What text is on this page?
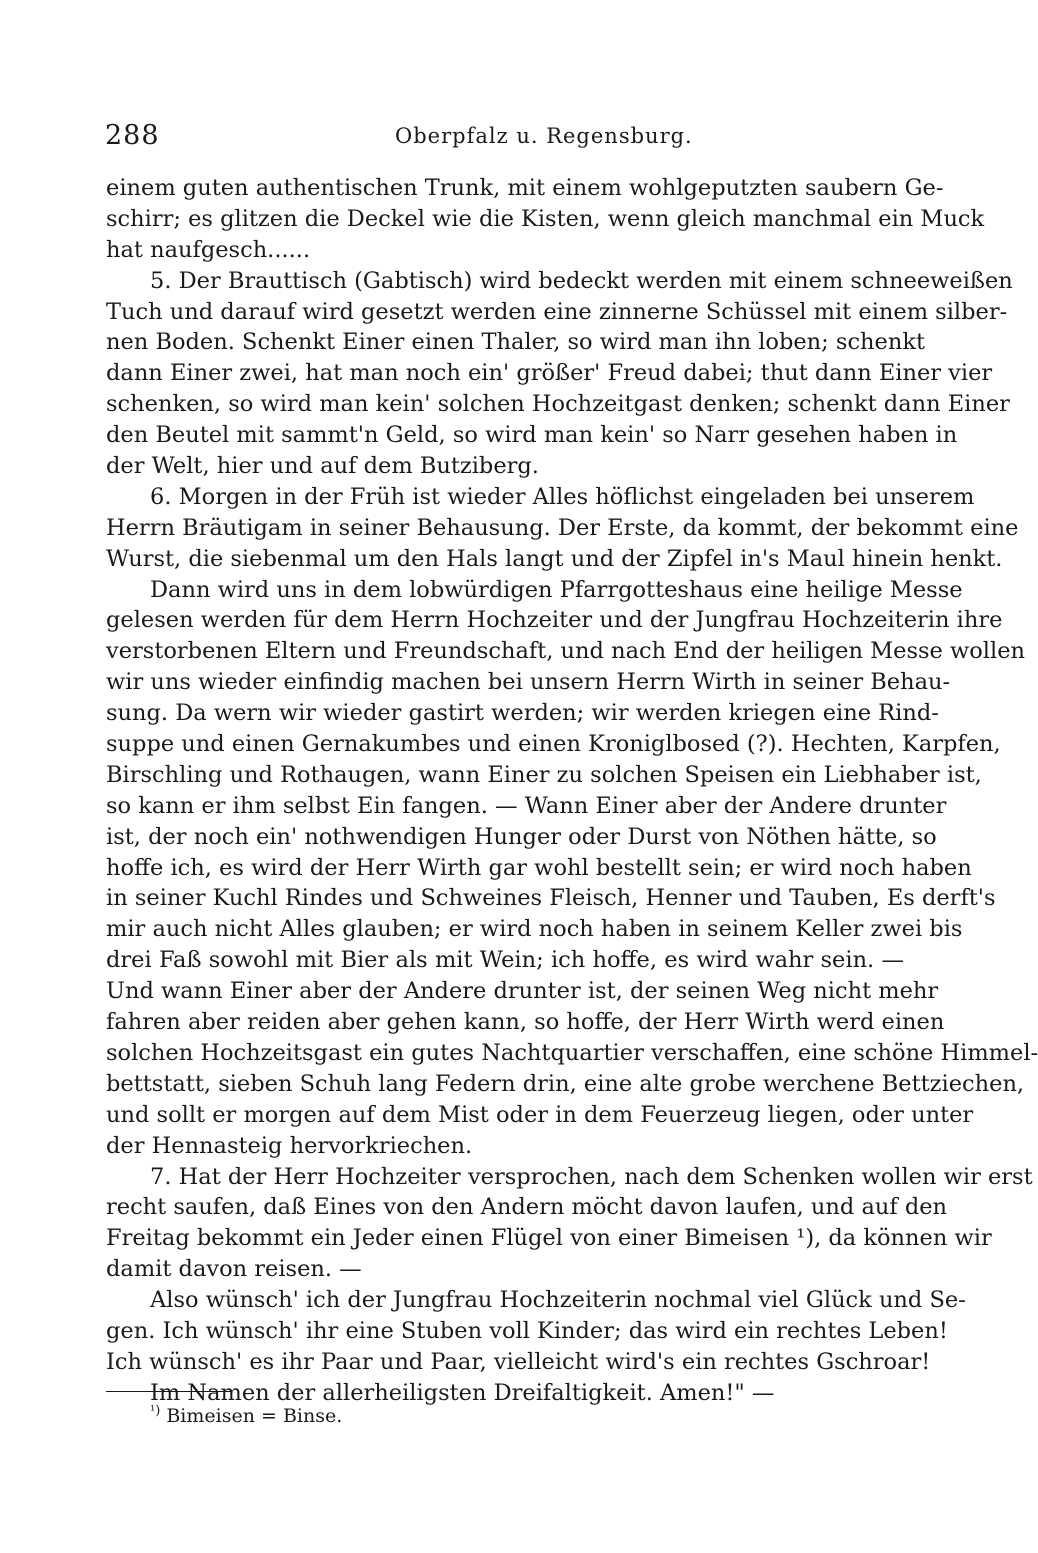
288	Oberpfalz u. Regensburg.
einem guten authentischen Trunk, mit einem wohlgeputzten saubern Ge-
schirr; es glitzen die Deckel wie die Kisten, wenn gleich manchmal ein Muck
hat naufgesch......
5. Der Brauttisch (Gabtisch) wird bedeckt werden mit einem schneeweißen
Tuch und darauf wird gesetzt werden eine zinnerne Schüssel mit einem silber-
nen Boden. Schenkt Einer einen Thaler, so wird man ihn loben; schenkt
dann Einer zwei, hat man noch ein' größer' Freud dabei; thut dann Einer vier
schenken, so wird man kein' solchen Hochzeitgast denken; schenkt dann Einer
den Beutel mit sammt'n Geld, so wird man kein' so Narr gesehen haben in
der Welt, hier und auf dem Butziberg.
6. Morgen in der Früh ist wieder Alles höflichst eingeladen bei unserem
Herrn Bräutigam in seiner Behausung. Der Erste, da kommt, der bekommt eine
Wurst, die siebenmal um den Hals langt und der Zipfel in's Maul hinein henkt.
Dann wird uns in dem lobwürdigen Pfarrgotteshaus eine heilige Messe
gelesen werden für dem Herrn Hochzeiter und der Jungfrau Hochzeiterin ihre
verstorbenen Eltern und Freundschaft, und nach End der heiligen Messe wollen
wir uns wieder einfindig machen bei unsern Herrn Wirth in seiner Behau-
sung. Da wern wir wieder gastirt werden; wir werden kriegen eine Rind-
suppe und einen Gernakumbes und einen Kroniglbosed (?). Hechten, Karpfen,
Birschling und Rothaugen, wann Einer zu solchen Speisen ein Liebhaber ist,
so kann er ihm selbst Ein fangen. — Wann Einer aber der Andere drunter
ist, der noch ein' nothwendigen Hunger oder Durst von Nöthen hätte, so
hoffe ich, es wird der Herr Wirth gar wohl bestellt sein; er wird noch haben
in seiner Kuchl Rindes und Schweines Fleisch, Henner und Tauben, Es derft's
mir auch nicht Alles glauben; er wird noch haben in seinem Keller zwei bis
drei Faß sowohl mit Bier als mit Wein; ich hoffe, es wird wahr sein. —
Und wann Einer aber der Andere drunter ist, der seinen Weg nicht mehr
fahren aber reiden aber gehen kann, so hoffe, der Herr Wirth werd einen
solchen Hochzeitsgast ein gutes Nachtquartier verschaffen, eine schöne Himmel-
bettstatt, sieben Schuh lang Federn drin, eine alte grobe werchene Bettziechen,
und sollt er morgen auf dem Mist oder in dem Feuerzeug liegen, oder unter
der Hennasteig hervorkriechen.
7. Hat der Herr Hochzeiter versprochen, nach dem Schenken wollen wir erst
recht saufen, daß Eines von den Andern möcht davon laufen, und auf den
Freitag bekommt ein Jeder einen Flügel von einer Bimeisen ¹), da können wir
damit davon reisen. —
Also wünsch' ich der Jungfrau Hochzeiterin nochmal viel Glück und Se-
gen. Ich wünsch' ihr eine Stuben voll Kinder; das wird ein rechtes Leben!
Ich wünsch' es ihr Paar und Paar, vielleicht wird's ein rechtes Gschroar!
Im Namen der allerheiligsten Dreifaltigkeit. Amen!" —
$^{^1)}$ Bimeisen = Binse.
